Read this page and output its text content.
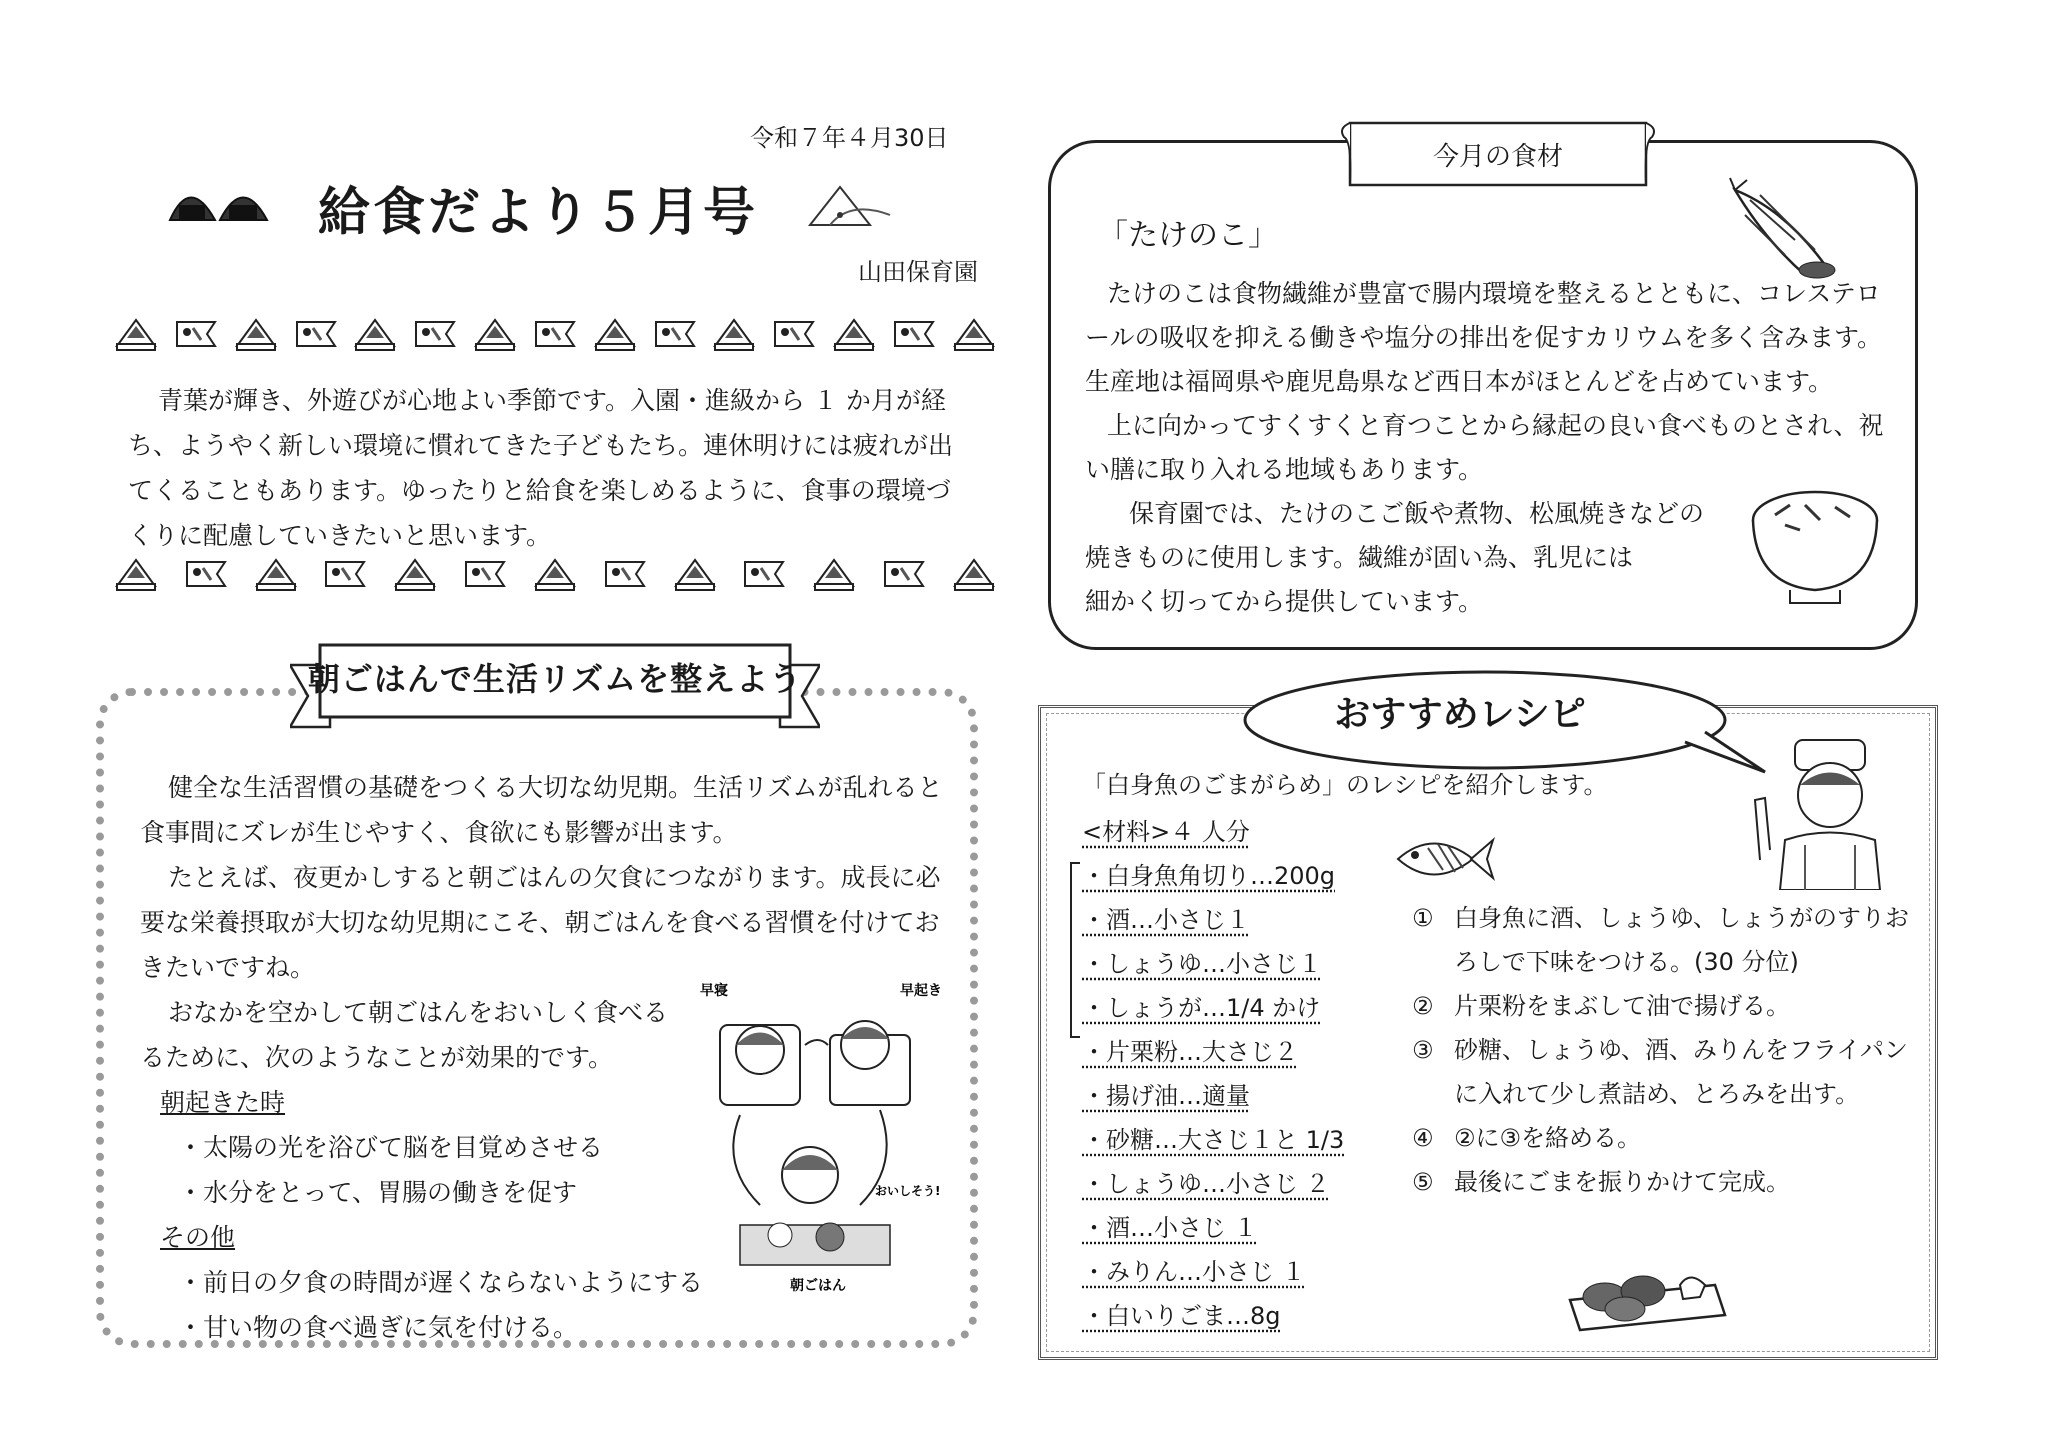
令和７年４月30日
給食だより５月号
山田保育園

青葉が輝き、外遊びが心地よい季節です。入園・進級から １ か月が経ち、ようやく新しい環境に慣れてきた子どもたち。連休明けには疲れが出てくることもあります。ゆったりと給食を楽しめるように、食事の環境づくりに配慮していきたいと思います。

朝ごはんで生活リズムを整えよう

健全な生活習慣の基礎をつくる大切な幼児期。生活リズムが乱れると食事間にズレが生じやすく、食欲にも影響が出ます。

たとえば、夜更かしすると朝ごはんの欠食につながります。成長に必要な栄養摂取が大切な幼児期にこそ、朝ごはんを食べる習慣を付けておきたいですね。

おなかを空かして朝ごはんをおいしく食べるるために、次のようなことが効果的です。

朝起きた時

・太陽の光を浴びて脳を目覚めさせる

・水分をとって、胃腸の働きを促す

その他

・前日の夕食の時間が遅くならないようにする

・甘い物の食べ過ぎに気を付ける。

早寝	早起き
おいしそう!
朝ごはん
今月の食材
「たけのこ」

たけのこは食物繊維が豊富で腸内環境を整えるとともに、コレステロールの吸収を抑える働きや塩分の排出を促すカリウムを多く含みます。生産地は福岡県や鹿児島県など西日本がほとんどを占めています。

上に向かってすくすくと育つことから縁起の良い食べものとされ、祝い膳に取り入れる地域もあります。

保育園では、たけのこご飯や煮物、松風焼きなどの

焼きものに使用します。繊維が固い為、乳児には

細かく切ってから提供しています。

おすすめレシピ
「白身魚のごまがらめ」のレシピを紹介します。
<材料>４ 人分
・白身魚角切り…200g
・酒…小さじ１
・しょうゆ…小さじ１
・しょうが…1/4 かけ
・片栗粉…大さじ２
・揚げ油…適量
・砂糖…大さじ１と 1/3
・しょうゆ…小さじ ２
・酒…小さじ １
・みりん…小さじ １
・白いりごま…8g
① 白身魚に酒、しょうゆ、しょうがのすりおろしで下味をつける。(30 分位)
② 片栗粉をまぶして油で揚げる。
③ 砂糖、しょうゆ、酒、みりんをフライパンに入れて少し煮詰め、とろみを出す。
④ ②に③を絡める。
⑤ 最後にごまを振りかけて完成。
